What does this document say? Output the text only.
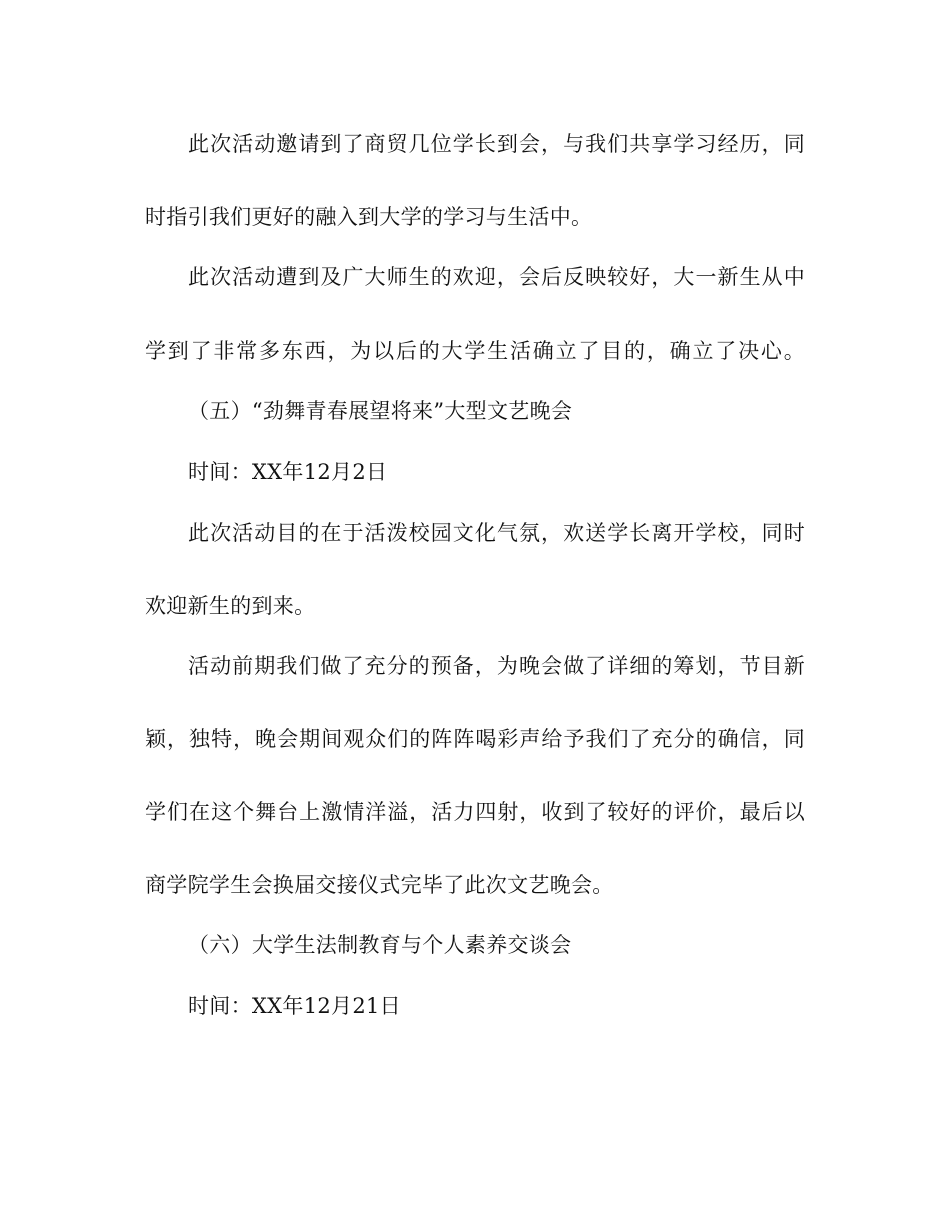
此次活动邀请到了商贸几位学长到会，与我们共享学习经历，同
时指引我们更好的融入到大学的学习与生活中。
此次活动遭到及广大师生的欢迎，会后反映较好，大一新生从中
学到了非常多东西，为以后的大学生活确立了目的，确立了决心。
（五）“劲舞青春展望将来”大型文艺晚会
时间：XX年12月2日
此次活动目的在于活泼校园文化气氛，欢送学长离开学校，同时
欢迎新生的到来。
活动前期我们做了充分的预备，为晚会做了详细的筹划，节目新
颖，独特，晚会期间观众们的阵阵喝彩声给予我们了充分的确信，同
学们在这个舞台上激情洋溢，活力四射，收到了较好的评价，最后以
商学院学生会换届交接仪式完毕了此次文艺晚会。
（六）大学生法制教育与个人素养交谈会
时间：XX年12月21日
